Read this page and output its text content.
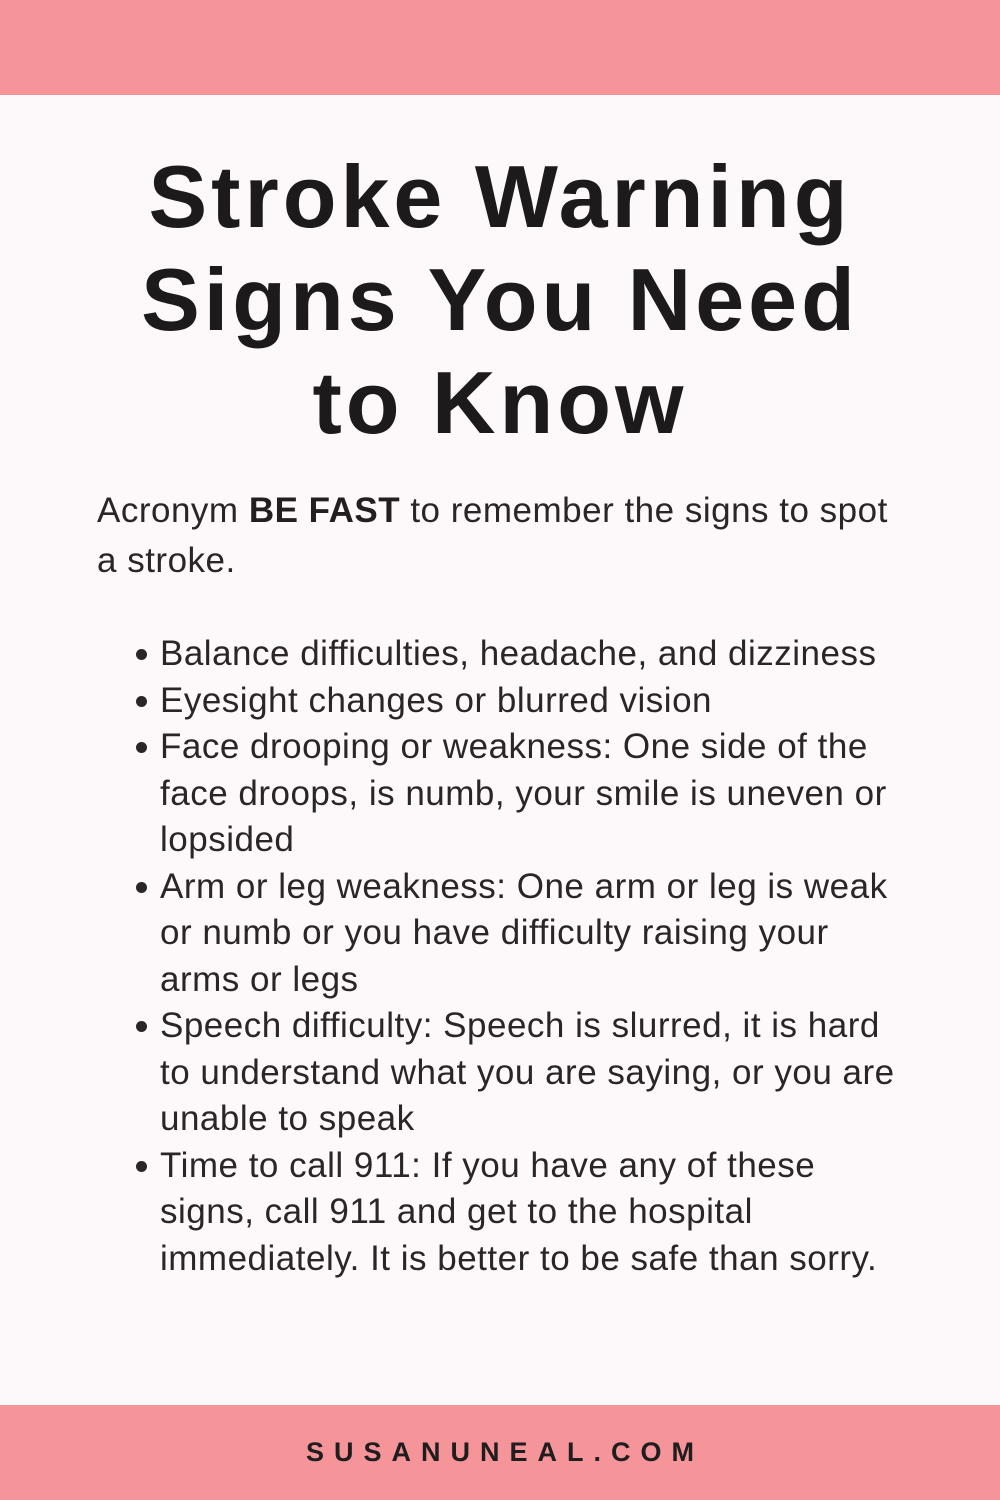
Stroke Warning
Signs You Need
to Know

Acronym BE FAST to remember the signs to spot a stroke.

Balance difficulties, headache, and dizziness
Eyesight changes or blurred vision
Face drooping or weakness: One side of the face droops, is numb, your smile is uneven or lopsided
Arm or leg weakness: One arm or leg is weak or numb or you have difficulty raising your arms or legs
Speech difficulty: Speech is slurred, it is hard to understand what you are saying, or you are unable to speak
Time to call 911: If you have any of these signs, call 911 and get to the hospital immediately. It is better to be safe than sorry.
SUSANUNEAL.COM
